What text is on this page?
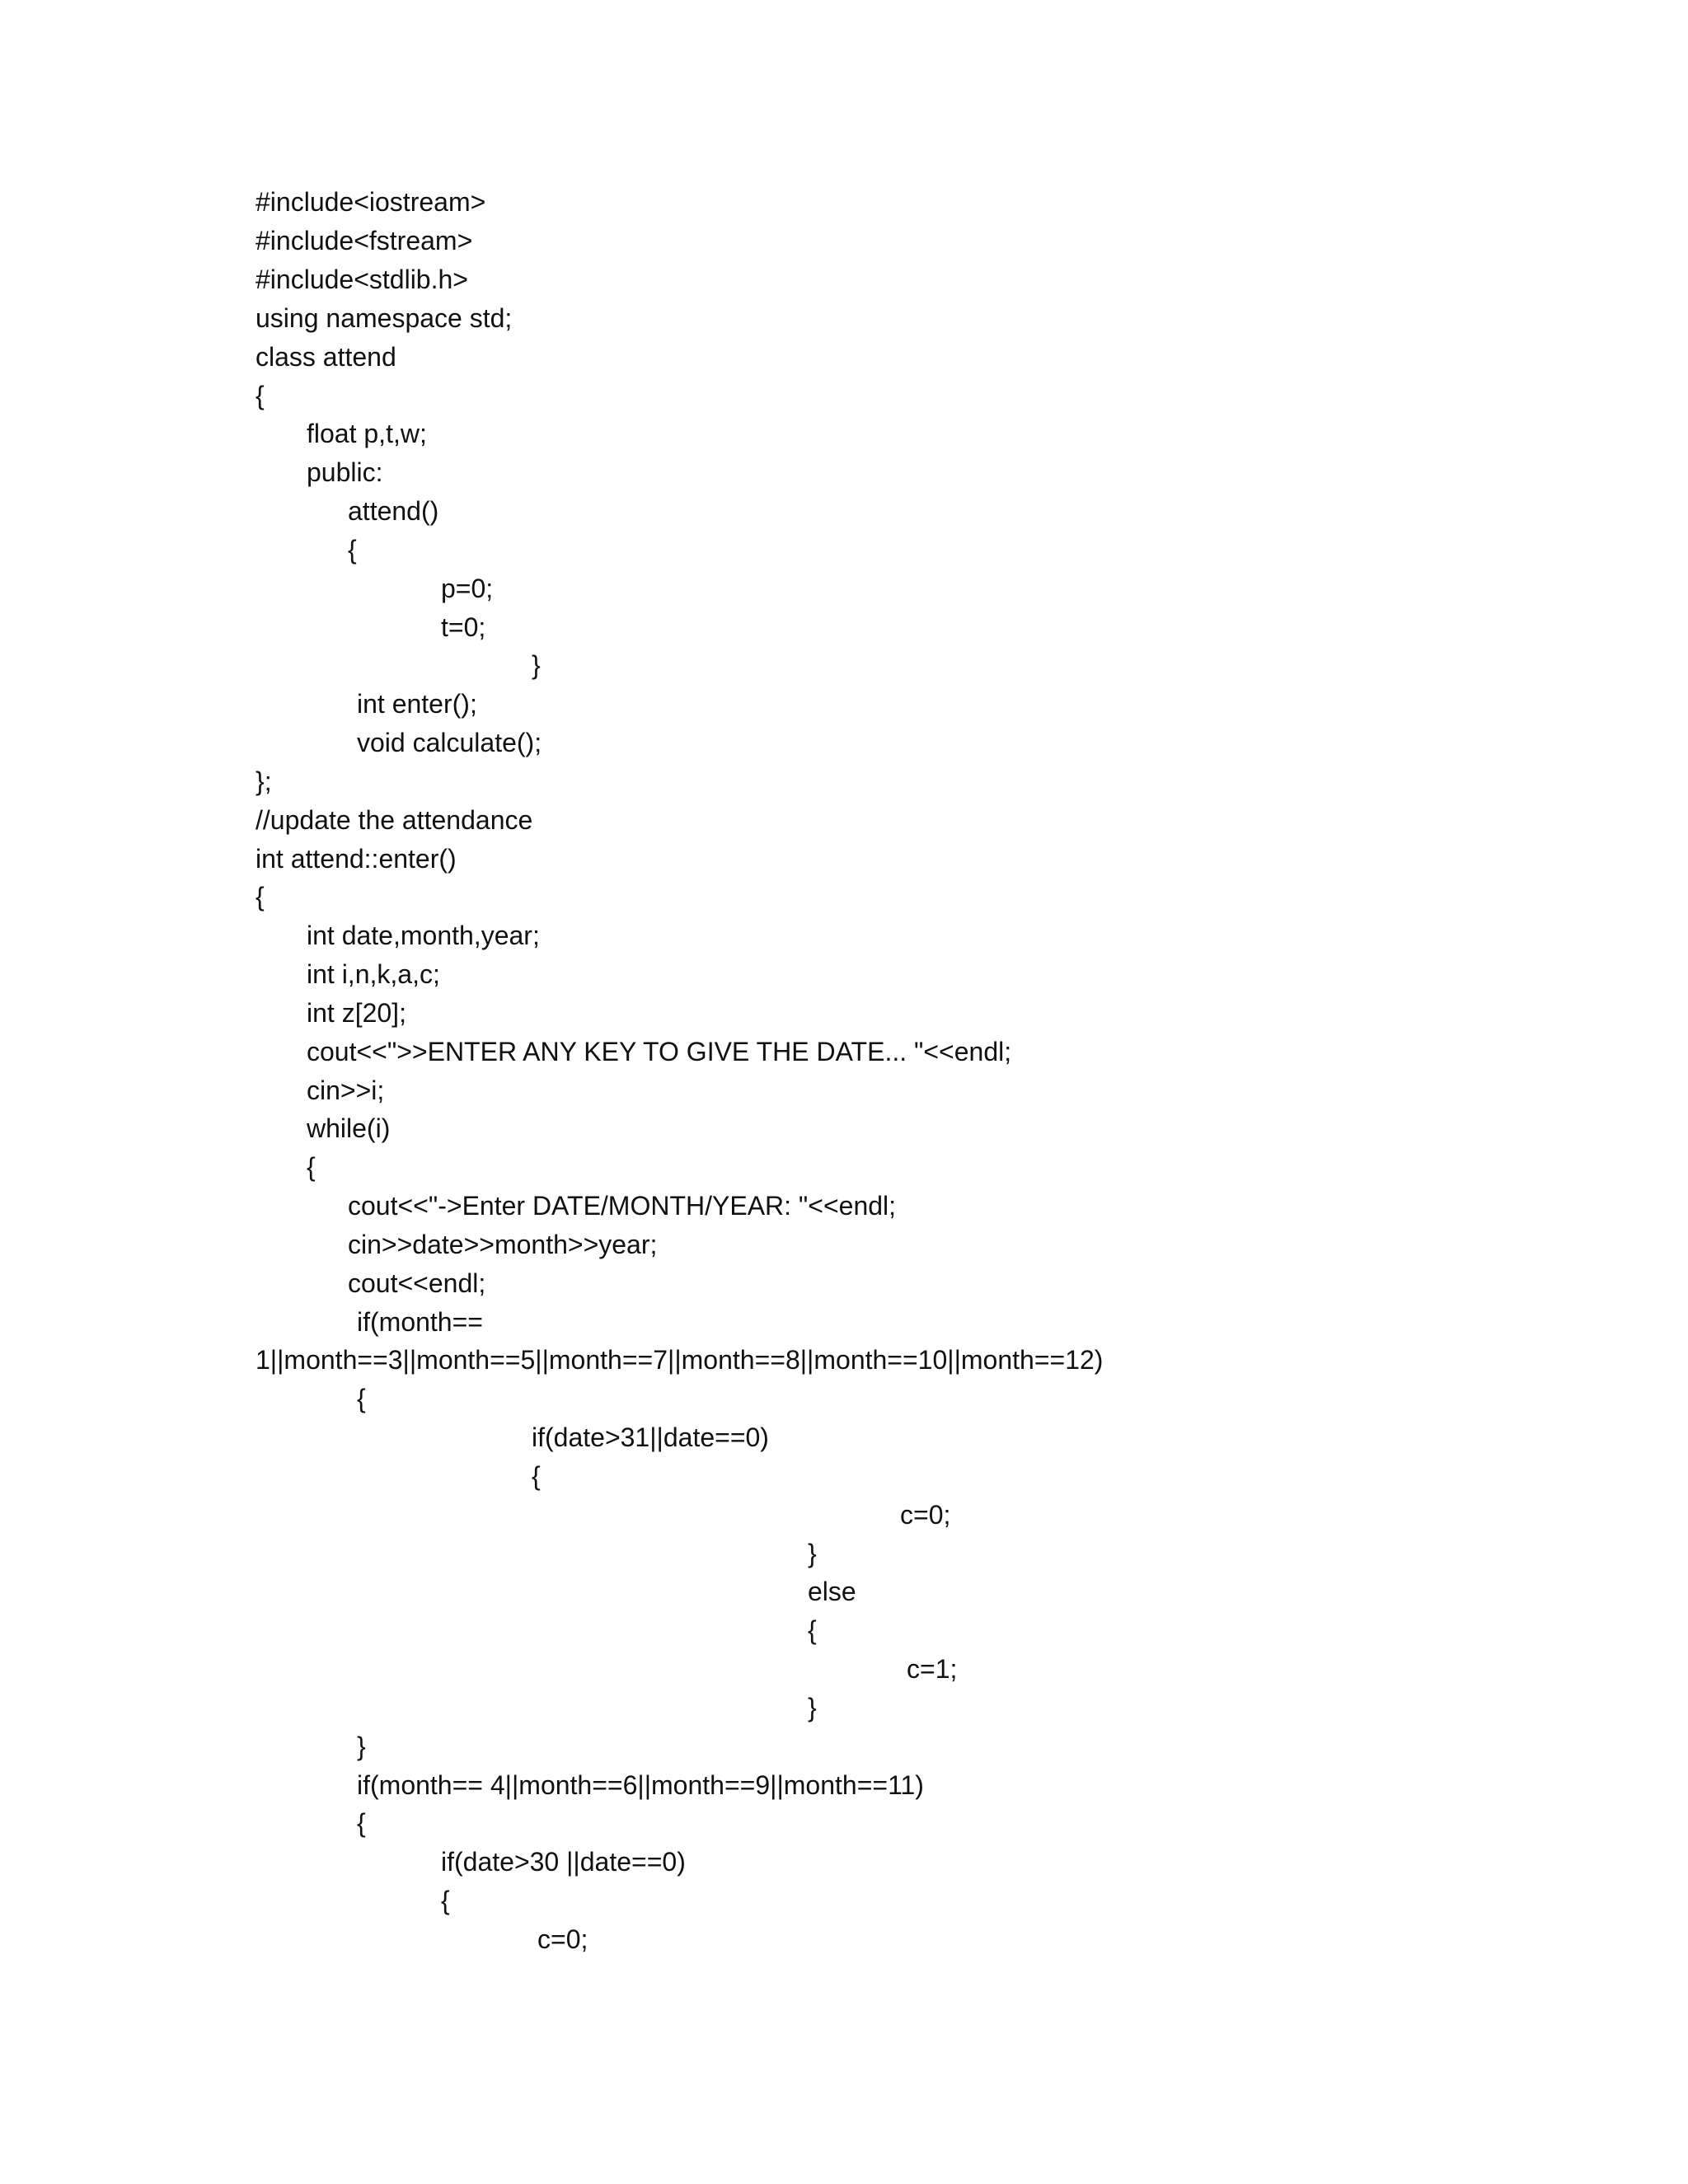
#include<iostream>
#include<fstream>
#include<stdlib.h>
using namespace std;
class attend
{
float p,t,w;
public:
attend()
{
p=0;
t=0;
}
int enter();
void calculate();
};
//update the attendance
int attend::enter()
{
int date,month,year;
int i,n,k,a,c;
int z[20];
cout<<">>ENTER ANY KEY TO GIVE THE DATE... "<<endl;
cin>>i;
while(i)
{
cout<<"->Enter DATE/MONTH/YEAR: "<<endl;
cin>>date>>month>>year;
cout<<endl;
if(month==
1||month==3||month==5||month==7||month==8||month==10||month==12)
{
if(date>31||date==0)
{
c=0;
}
else
{
c=1;
}
}
if(month== 4||month==6||month==9||month==11)
{
if(date>30 ||date==0)
{
c=0;
